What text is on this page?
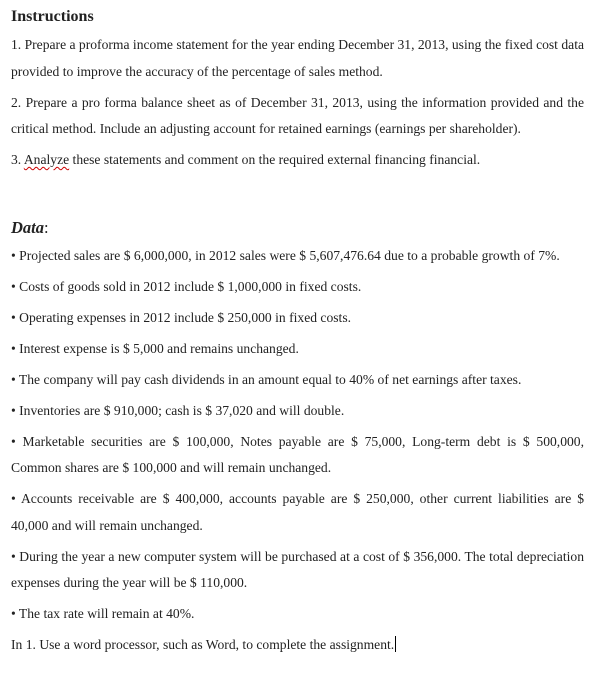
Instructions

1. Prepare a proforma income statement for the year ending December 31, 2013, using the fixed cost data provided to improve the accuracy of the percentage of sales method.

2. Prepare a pro forma balance sheet as of December 31, 2013, using the information provided and the critical method. Include an adjusting account for retained earnings (earnings per shareholder).

3. Analyze these statements and comment on the required external financing financial.

Data:

• Projected sales are $ 6,000,000, in 2012 sales were $ 5,607,476.64 due to a probable growth of 7%.

• Costs of goods sold in 2012 include $ 1,000,000 in fixed costs.

• Operating expenses in 2012 include $ 250,000 in fixed costs.

• Interest expense is $ 5,000 and remains unchanged.

• The company will pay cash dividends in an amount equal to 40% of net earnings after taxes.

• Inventories are $ 910,000; cash is $ 37,020 and will double.

• Marketable securities are $ 100,000, Notes payable are $ 75,000, Long-term debt is $ 500,000, Common shares are $ 100,000 and will remain unchanged.

• Accounts receivable are $ 400,000, accounts payable are $ 250,000, other current liabilities are $ 40,000 and will remain unchanged.

• During the year a new computer system will be purchased at a cost of $ 356,000. The total depreciation expenses during the year will be $ 110,000.

• The tax rate will remain at 40%.

In 1. Use a word processor, such as Word, to complete the assignment.
